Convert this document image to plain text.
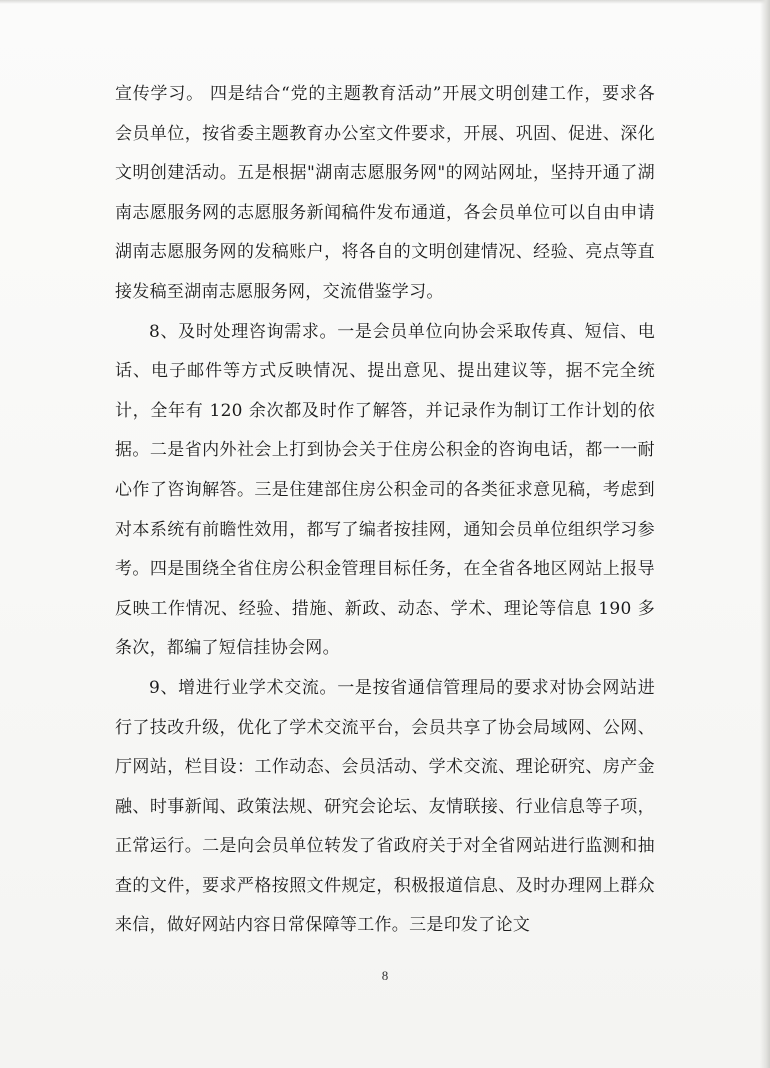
宣传学习。 四是结合“党的主题教育活动”开展文明创建工作，要求各会员单位，按省委主题教育办公室文件要求，开展、巩固、促进、深化文明创建活动。五是根据"湖南志愿服务网"的网站网址，坚持开通了湖南志愿服务网的志愿服务新闻稿件发布通道，各会员单位可以自由申请湖南志愿服务网的发稿账户，将各自的文明创建情况、经验、亮点等直接发稿至湖南志愿服务网，交流借鉴学习。

8、及时处理咨询需求。一是会员单位向协会采取传真、短信、电话、电子邮件等方式反映情况、提出意见、提出建议等，据不完全统计，全年有 120 余次都及时作了解答，并记录作为制订工作计划的依据。二是省内外社会上打到协会关于住房公积金的咨询电话，都一一耐心作了咨询解答。三是住建部住房公积金司的各类征求意见稿，考虑到对本系统有前瞻性效用，都写了编者按挂网，通知会员单位组织学习参考。四是围绕全省住房公积金管理目标任务，在全省各地区网站上报导反映工作情况、经验、措施、新政、动态、学术、理论等信息 190 多条次，都编了短信挂协会网。

9、增进行业学术交流。一是按省通信管理局的要求对协会网站进行了技改升级，优化了学术交流平台，会员共享了协会局域网、公网、厅网站，栏目设：工作动态、会员活动、学术交流、理论研究、房产金融、时事新闻、政策法规、研究会论坛、友情联接、行业信息等子项，正常运行。二是向会员单位转发了省政府关于对全省网站进行监测和抽查的文件，要求严格按照文件规定，积极报道信息、及时办理网上群众来信，做好网站内容日常保障等工作。三是印发了论文

8
